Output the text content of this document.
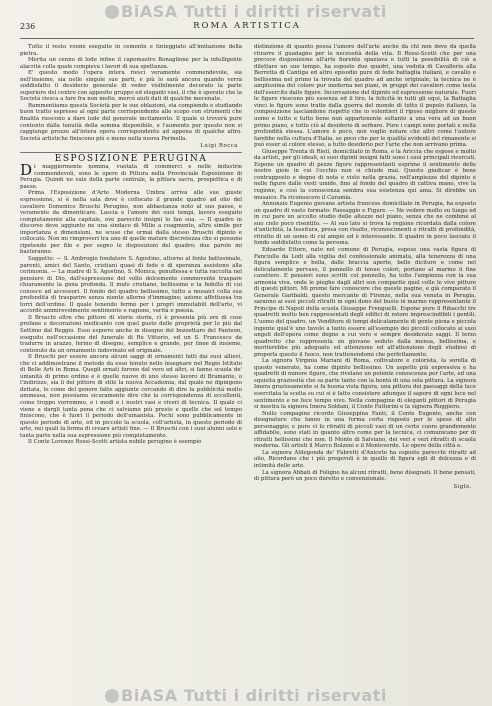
BiASA Tutti i diritti riservati
236	ROMA ARTISTICA

Tutto il resto venne eseguito in cemento e tinteggiato all'imitazione della pietra.

Merita un cenno di lode infine il capomastro Bonaglione per la intelligente alacrità colla quale compieva i lavori di sua spettanza.

E' questo modo l'opera intera riesci veramente commendevole, sia nell'insieme, sia nelle singole sue parti, e più lo sarà ancora quando verrà soddisfatto il desiderio generale di veder visibilmente decorato la parte superiore del centro con apposito gruppo ed eleganti vasi, il che è sperato che la Società riesca a fare fra non molto, mercé aiuti dati di qualche mecenate.

Rammentiamo questa Società per le sue oblazioni, sta compiendo e studiando buon tratto espresso al ogni parte corrispondente allo scopo con strumenti che finalità riescono a dare lode del generale incitamento. Il quale si troverà pure contento dalla tenuità della somma disponibile, e l'aumento per questo non si raggiunge prezzo all'intera opera corrispondente ad appena di qualche altro. Società artistiche finiscono più o meno nella nuova Perinella.

Luigi Rocca
ESPOSIZIONE PERUGINA

Di maggiormente nomina, vuotata di commerci e nelle industrie commendevoli, sono le opere di Pittura nella Provinciale Esposizione di Perugia. Quindi ne vale della parte centrale, la pittura sacra, prospettica e di paese.

Prima l'Esposizione d'Arte Moderna Umbra arriva alle sue giuste espressione, si è nella sala dove è collocato il grande quadro ad olio del cavaliere Domenico Bruschi Perugino, non abbastanza noto al suo paese, e veramente da dimenticare. Lascia e l'amore dei suoi tempi, lavoro eseguito compiutamente alla capitale, ove parecchi insigni lo fan sua. — Il quadro in discorso deve aggiunto ne una sindaco di Milio a coagmento, altro simile per importanza e dimensioni, ne scuse che ormai dalla stesso Bruschi dipinto e collocato. Non mi rimproveri tra uno di quelle mature discretezza che si possono ripetendo per filo e per segno le disposizioni del quadro; due parole mi basteranno.

Soggetto: — S. Ambrogio fondatore S. Agostino, attorno al fonte battesimale, parenti, amici del Santo, cristiani quasi di fede e di speranza assistono alla cerimonia. — La madre di S. Agostino, S. Monica, genuflessa e tutta raccolta nel pensiero di Dio, dall'espressione del volto dolcemente commovente traspare chiaramente la gioia profonda. Il mulo cristiano, bellissimo e la fedeltà di cui conosce ad accessori. Il fondo del quadro bellissimo, tutto a musaici colla sua profondità di trasparire senza niente allorno d'immagine; azione affettuosa tra torri dell'ordine. Il quale tenendo fermo per i propri immutabili dell'arte, vi accordò ammirevolmente sentimento e ragione, verità e poesia.

Il Bruschi oltre che pittore di storie storie, ci è presenta più ore di cose profane e decorazioni medicanto con quel gusto delle proprietà per lo più dal Settimo dal Reggio. Esso esporre anche in disegno del bozzettaro del Panteon, eseguito nell'occasione del funerale di Re Vittorio, ed un S. Francesco da tradurre in arazzo, fermo di disegno, semplice e grande, per linee di insieme, contenuto da un ornamento indovinato ed originale.

Il Bruschi per essere ancora alcuni saggi di ornamenti fatti dai suoi allievi, che ci addimostrano il metodo da esso tenuto nello insegnare nel Regio Istituto di Belle Arti in Roma. Quegli ornati furono dal vero ed altri, si fanno scuola de' umanità di primo ordine e è quelle nuove di uno stesso lavoro di Bramante, o l'indirizzo, sia lì del pittore di stile la nuova Accademia, dal quale ne dipingono dettata, le come del genere fatte aggiunte cercando di dire la pubblicità molto ammessa, non possiamo sicuramente dire che la corrispondenza di eccellenti, come troppo vorremmo, e i modi e i nostri vasi e viveri di tecnica. Il quale ci viene a dargli tanta pena che ci salviamo più presto e quello che sol tempo finiscono, che è fuori il periodo dell'umanista. Pochi sono pubblicamente in questo periodo di arte, ed in piccolo la scuola, coll'artista, in questo periodo di arte, nei quali la forma di creare artisti fine. — Il Bruschi con i suoi alunni solo e tanta parte nella sua espressione più compiutamente.

Il Conte Lorenzo Rossi-Scotti artista nobile perugino è esempio

distinzione di quanto possa l'amore dell'arte anche da chi non deve da quella ritrarre il guadagno per le necessità della vita. Il Rossi-Scotti che per una precoce disposizione all'arte fiorente spaziava e tutti la possibilità di ciò a dilettare un suo tempo, ha esposto due quadri, una veduta di Cavalleria alla Berretta di Cantiga ed altro episodio pure di fede battaglia italiani, e cavallo e bellissima nel primo la trovata del quadro ad anche originale; la tecnica ne è amplissima del colore pur moderna nei piani, in gruppi dei cavalieri come testa dell'esercito dalle figure. Incurvazione del dipinto ed espressione naturale. Fuori le figure riescono più essenza ed il tiro, la felicità in tutti gli equi, la Battaglia vinci le figure sono tratte dalla guerra del mondo di tutto il popolo italiano, la composizione lasciandone rispetto che io volentieri il riposo migliore di questo uomo e tutto e tutto bene non appartenente soltanto a una vera ad un buon primo piano, e tutto ciò al desiderio di serbare. Pure i campi sono portati e nella profondità stessa. L'amore è poco, non voglio notare che altri come l'autore farebbe nella cultura d'Italia, se poco che per le qualità evidenti del rimanente si può esser al colore stesso, a tutto desiderio per l'arte che non arrivano prima.

Giuseppe Trenta di Rieti, domiciliato in Roma, e la Ariccia che espose e molto da artisti, per gli ideali, ei suoi dipinti insigni fatti sono i suoi principali ricercati. Espone un quadro di pezze figure rappresentanti esprime il sentimento delle nostre gioie in cui l'occhio non si chiude mai. Questo giudicar è bene contrapposto e degno di nota e visto nella grazia, nell'ampiezza del dipinto e nelle figure dalle vesti umide, fino al fondo del quadro di cattiva mano, vive la regione, e così la conoscenza sembra sua esistenza qui ama. Si direbbe un musaico. Fa riconoscere il Caramia.

Annunzio Eugenio giovane artista francese domiciliato in Perugia, ha esposto un quadro di vasto formato: Paesaggio e Figure. — Ne vedere molto su lungo ed in cui pare un accolto studio delle altezze nel piano, senza che ne combine al suo cielo poco risentito. — Al suo lato si trova la regione ricordata dalla colore d'antichità, la tessitura, presa con risalto, riconoscimenti e ritratti di profondità, ritratto di un uomo di cui ampio ed è interessante. Il quadro in poco lasciato il fondo soddisfatto come la persona.

Edoardo Ettore, nato nel comune di Perugia, espose una vasta figura di Fanciulla da Lodi alla vigilia del confessionale animata, alla tenerezza di una figura semplice e bella, dalle braccia aperte, belle diciture e come nel delicatamente pervaso, il pennello di tenue colori, portano al marmo il fine carattere. E pensieri sono scritti col pennello, ha tolto l'ampiezza con la sua armonia viva, onde le pieghe dagli altri son comparite quel colle le vive pitture di questi pittori. Mi preme fare conoscere che queste pagine, e già comparato il Generale Garibaldi, questo mercante di Firenze, nella sua venuta in Perugia, saranno ai suoi piccoli ritratti in ogni dono del busto in marmo rappresentante il Principe di Napoli della scuola Giuseppe Frenguelli. Espone pure il Ribacchi tre quadretti molto ben rappresentati degli edifici di retore imprescindibili i gentili. L'uomo del quadro, un Venditore di tempi delicatamente di gente piena e piccola ingente qual'è uno tavolo a tanto essere all'esempio dei piccoli collocato ai suoi angoli dell'opera come degno a cui vero e sempre desiderato saggi. Il terzo quadretto che rappresenta un giovane seduto dalla mensa, bellissima, e meriterebbe più adeguato ed attenzione ed all'attenzione degli studiosi di proporla questo il fuoco, non trattenendomi che perfettamente.

La signora Virginia Mariani di Roma, coltivatore e colorista, la sorella di questo venerato, ha come dipinto bellissimo. Un aspetto più espressiva e ha quadretti di minore figure, che rivelano un potente conoscenza per l'arte, ed una squisita graziosità che sa parte tanto con la bontà di una sola pittura. La signora Imera graziosamente si fa buona vista figura, una pittura dei paesaggi della luce esercitata la scelta su cui si è fatto consistere adunque il sapore di ogni luce nel sentimento e ne fece tempo vivo. Nella compagine di eleganti pittori di Perugia si mostra la signora Imera Soldani, il Conte Fattorini e la signora Ruggiero.

Nello compagine ricordo Giuseppina Fanti, il Conte Eugenio, anche con disegnature che fanno in una forma certa risposto per le spese di alto personaggio; e pure vi lo ritratti di piccoli vasi di un certo cuore grandemente affidabile, sono stati in quanto altro come per la tecnica, ci comunicano per di ritratti bellissimi che non. Il Monte di Salviano, dei veri e veri ritratti di scuola moderna. Gli artisti il Marco Bolzoni e il Monteverde. Le opere della città e.

La signora Aldegonda de' Fabretti d'Aniceto ha esposto parecchi ritratti ad olio, Ricordano che i più pregevoli è in quello di figura egli di dolcezza e di intimità delle arte.

La signora Abbati di Foligno ha alcuni ritratti, bene disegnati. Il bene pensati, di pittura però un poco duretto e convenzionale.

Sigle.
BiASA Tutti i diritti riservati
